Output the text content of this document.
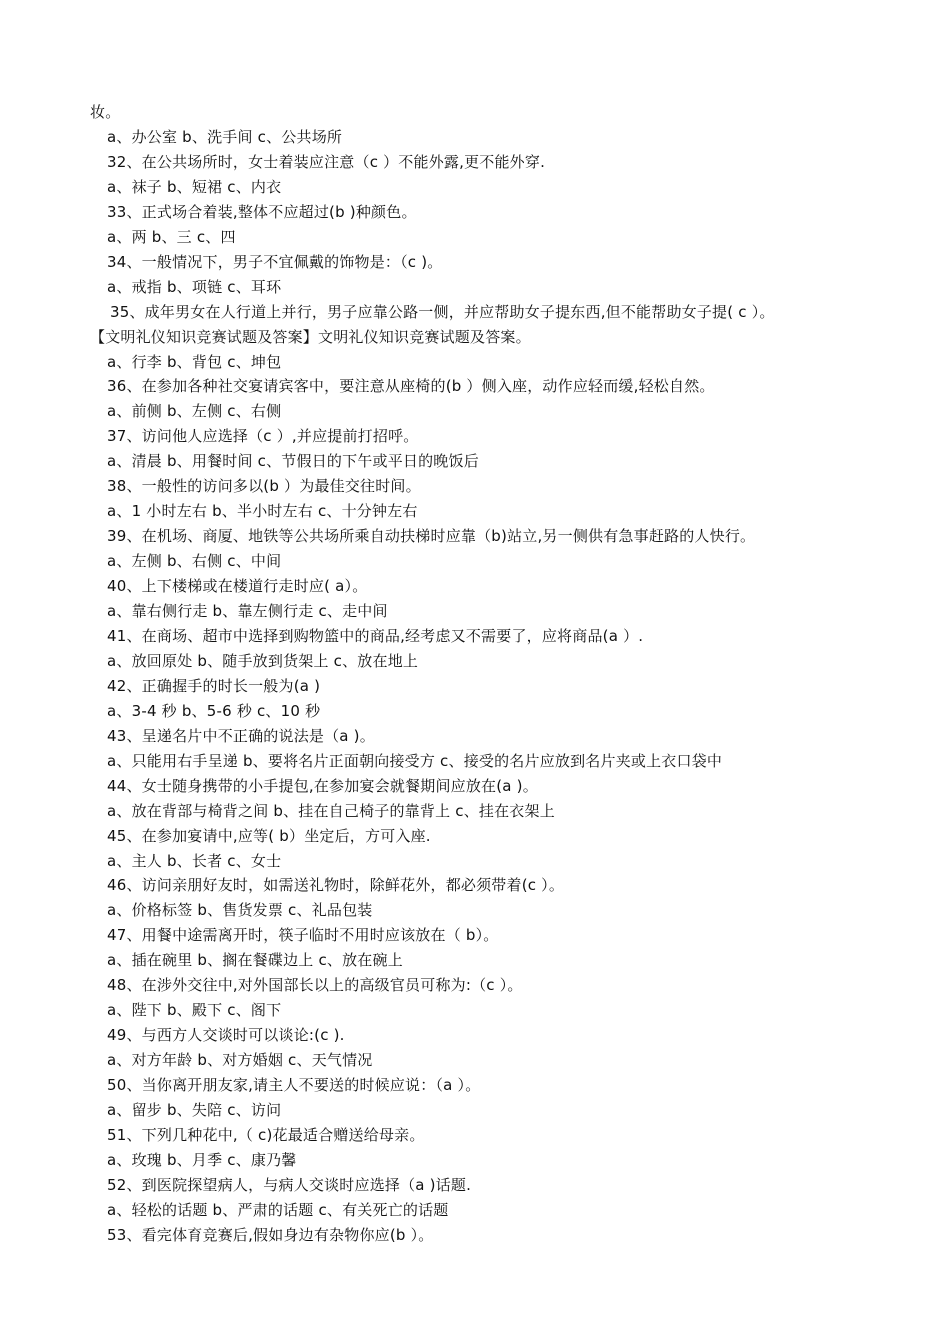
妆。
a、办公室 b、洗手间 c、公共场所
32、在公共场所时，女士着装应注意（c ）不能外露,更不能外穿.
a、袜子 b、短裙 c、内衣
33、正式场合着装,整体不应超过(b )种颜色。
a、两 b、三 c、四
34、一般情况下，男子不宜佩戴的饰物是：（c )。
a、戒指 b、项链 c、耳环
35、成年男女在人行道上并行，男子应靠公路一侧，并应帮助女子提东西,但不能帮助女子提( c ）。
【文明礼仪知识竞赛试题及答案】文明礼仪知识竞赛试题及答案。
a、行李 b、背包 c、坤包
36、在参加各种社交宴请宾客中，要注意从座椅的(b ）侧入座，动作应轻而缓,轻松自然。
a、前侧 b、左侧 c、右侧
37、访问他人应选择（c ）,并应提前打招呼。
a、清晨 b、用餐时间 c、节假日的下午或平日的晚饭后
38、一般性的访问多以(b ）为最佳交往时间。
a、1 小时左右 b、半小时左右 c、十分钟左右
39、在机场、商厦、地铁等公共场所乘自动扶梯时应靠（b)站立,另一侧供有急事赶路的人快行。
a、左侧 b、右侧 c、中间
40、上下楼梯或在楼道行走时应( a）。
a、靠右侧行走 b、靠左侧行走 c、走中间
41、在商场、超市中选择到购物篮中的商品,经考虑又不需要了，应将商品(a ）.
a、放回原处 b、随手放到货架上 c、放在地上
42、正确握手的时长一般为(a )
a、3-4 秒 b、5-6 秒 c、10 秒
43、呈递名片中不正确的说法是（a )。
a、只能用右手呈递 b、要将名片正面朝向接受方 c、接受的名片应放到名片夹或上衣口袋中
44、女士随身携带的小手提包,在参加宴会就餐期间应放在(a )。
a、放在背部与椅背之间 b、挂在自己椅子的靠背上 c、挂在衣架上
45、在参加宴请中,应等( b）坐定后，方可入座.
a、主人 b、长者 c、女士
46、访问亲朋好友时，如需送礼物时，除鲜花外，都必须带着(c ）。
a、价格标签 b、售货发票 c、礼品包装
47、用餐中途需离开时，筷子临时不用时应该放在（ b）。
a、插在碗里 b、搁在餐碟边上 c、放在碗上
48、在涉外交往中,对外国部长以上的高级官员可称为:（c ）。
a、陛下 b、殿下 c、阁下
49、与西方人交谈时可以谈论:(c ).
a、对方年龄 b、对方婚姻 c、天气情况
50、当你离开朋友家,请主人不要送的时候应说：（a ）。
a、留步 b、失陪 c、访问
51、下列几种花中,（ c)花最适合赠送给母亲。
a、玫瑰 b、月季 c、康乃馨
52、到医院探望病人，与病人交谈时应选择（a )话题.
a、轻松的话题 b、严肃的话题 c、有关死亡的话题
53、看完体育竞赛后,假如身边有杂物你应(b ）。
